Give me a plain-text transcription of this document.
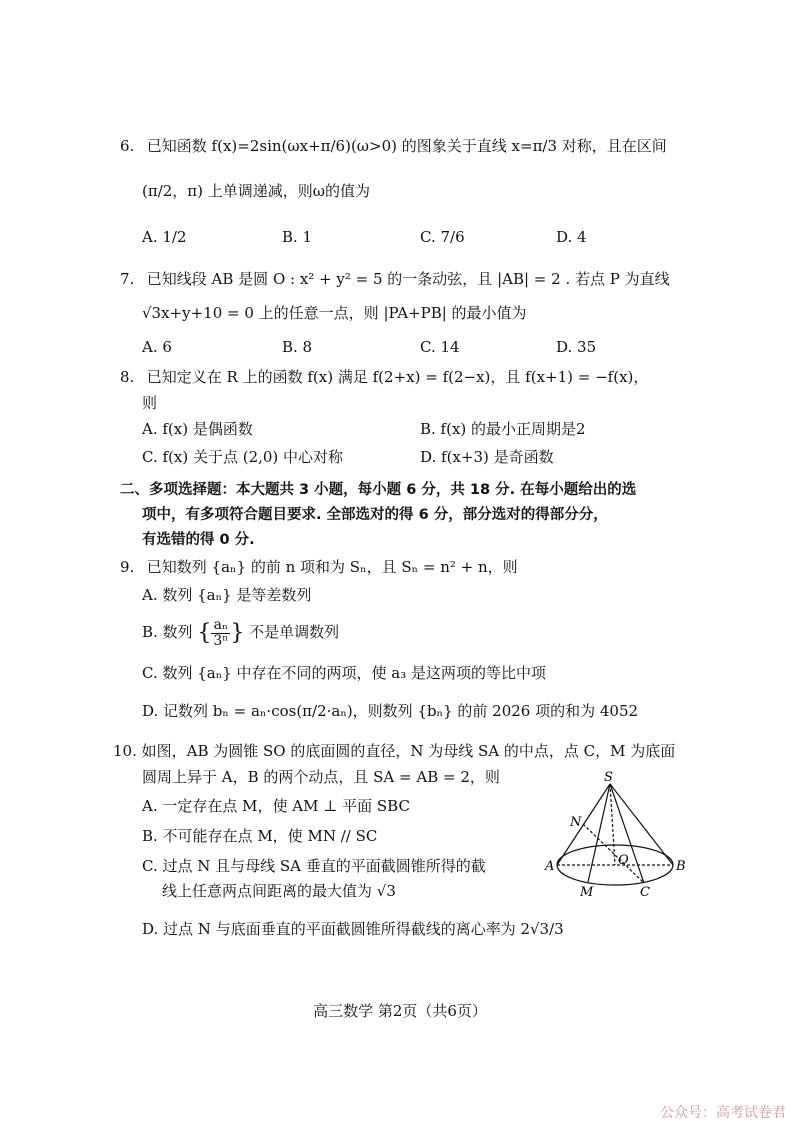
6. 已知函数 f(x)=2sin(ωx+π/6)(ω>0) 的图象关于直线 x=π/3 对称，且在区间
(π/2，π) 上单调递减，则ω的值为
A. 1/2	B. 1	C. 7/6	D. 4
7. 已知线段 AB 是圆 O : x² + y² = 5 的一条动弦，且 |AB| = 2 . 若点 P 为直线
√3x+y+10 = 0 上的任意一点，则 |PA+PB| 的最小值为
A. 6	B. 8	C. 14	D. 35
8. 已知定义在 R 上的函数 f(x) 满足 f(2+x) = f(2−x)，且 f(x+1) = −f(x)，
则
A. f(x) 是偶函数	B. f(x) 的最小正周期是2
C. f(x) 关于点 (2,0) 中心对称	D. f(x+3) 是奇函数
二、多项选择题：本大题共 3 小题，每小题 6 分，共 18 分. 在每小题给出的选
项中，有多项符合题目要求. 全部选对的得 6 分，部分选对的得部分分，
有选错的得 0 分.
9. 已知数列 {aₙ} 的前 n 项和为 Sₙ，且 Sₙ = n² + n，则
A. 数列 {aₙ} 是等差数列
B. 数列 { $\frac{\text{aₙ}}{\text{3ⁿ}}$ } 不是单调数列
C. 数列 {aₙ} 中存在不同的两项，使 a₃ 是这两项的等比中项
D. 记数列 bₙ = aₙ·cos(π/2·aₙ)，则数列 {bₙ} 的前 2026 项的和为 4052
10. 如图，AB 为圆锥 SO 的底面圆的直径，N 为母线 SA 的中点，点 C，M 为底面
圆周上异于 A，B 的两个动点，且 SA = AB = 2，则
A. 一定存在点 M，使 AM ⊥ 平面 SBC
B. 不可能存在点 M，使 MN // SC
C. 过点 N 且与母线 SA 垂直的平面截圆锥所得的截
线上任意两点间距离的最大值为 √3
D. 过点 N 与底面垂直的平面截圆锥所得截线的离心率为 2√3/3
S
N
O
A	B
C
M
高三数学 第2页（共6页）
公众号：高考试卷君
